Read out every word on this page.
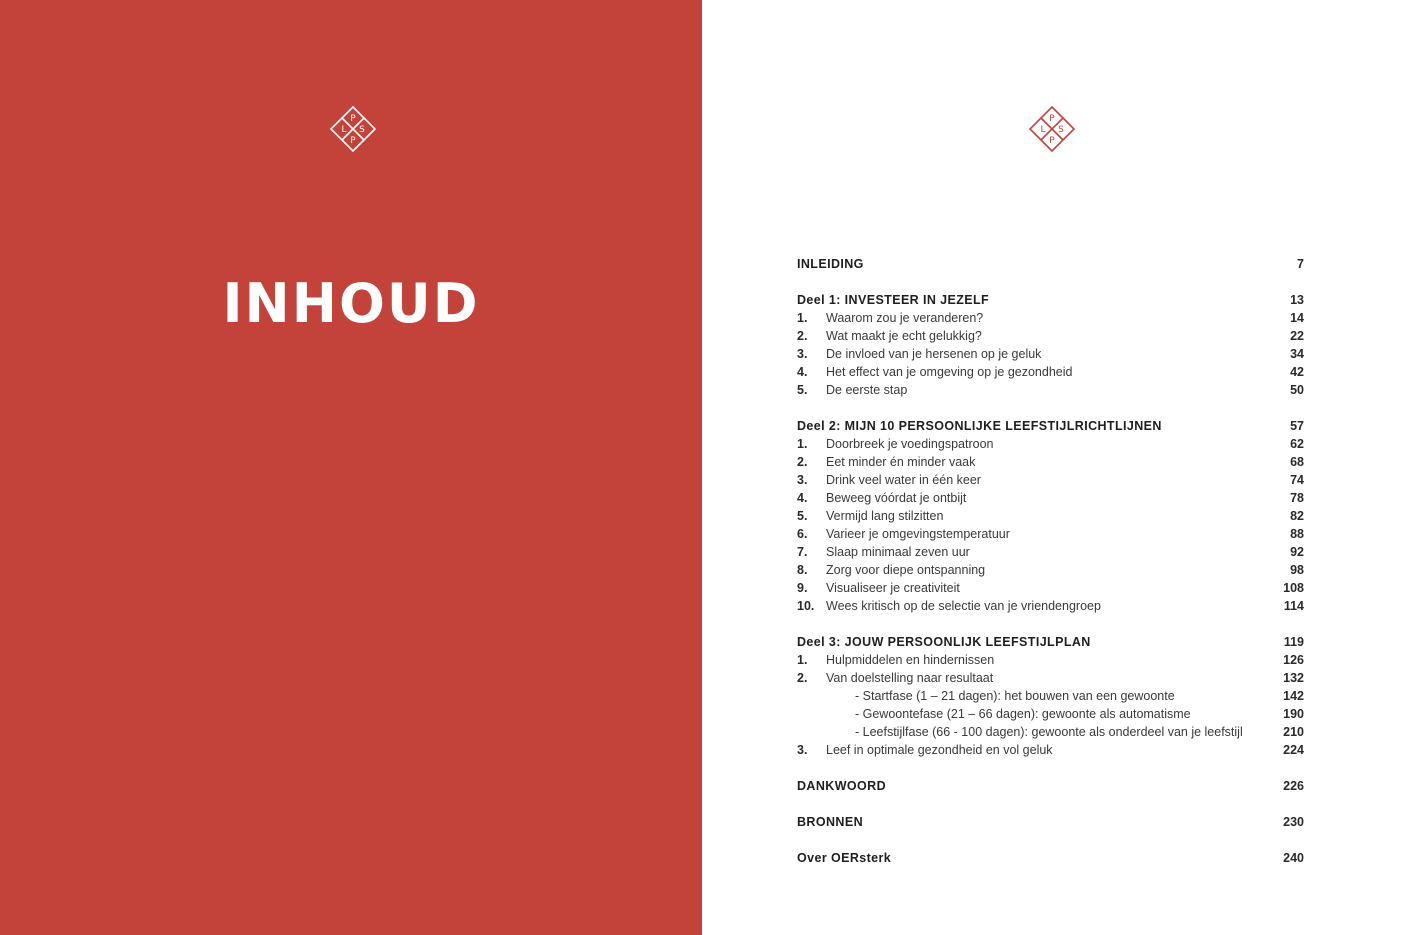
P
L S
P
P
L S
P
INHOUD
INLEIDING	7
Deel 1: INVESTEER IN JEZELF	13
1.	Waarom zou je veranderen?	14
2.	Wat maakt je echt gelukkig?	22
3.	De invloed van je hersenen op je geluk	34
4.	Het effect van je omgeving op je gezondheid	42
5.	De eerste stap	50
Deel 2: MIJN 10 PERSOONLIJKE LEEFSTIJLRICHTLIJNEN	57
1.	Doorbreek je voedingspatroon	62
2.	Eet minder én minder vaak	68
3.	Drink veel water in één keer	74
4.	Beweeg vóórdat je ontbijt	78
5.	Vermijd lang stilzitten	82
6.	Varieer je omgevingstemperatuur	88
7.	Slaap minimaal zeven uur	92
8.	Zorg voor diepe ontspanning	98
9.	Visualiseer je creativiteit	108
10. Wees kritisch op de selectie van je vriendengroep	114
Deel 3: JOUW PERSOONLIJK LEEFSTIJLPLAN	119
1.	Hulpmiddelen en hindernissen	126
2.	Van doelstelling naar resultaat	132
- Startfase (1 – 21 dagen): het bouwen van een gewoonte	142
- Gewoontefase (21 – 66 dagen): gewoonte als automatisme	190
- Leefstijlfase (66 - 100 dagen): gewoonte als onderdeel van je leefstijl	210
3.	Leef in optimale gezondheid en vol geluk	224
DANKWOORD	226
BRONNEN	230
Over OERsterk	240
